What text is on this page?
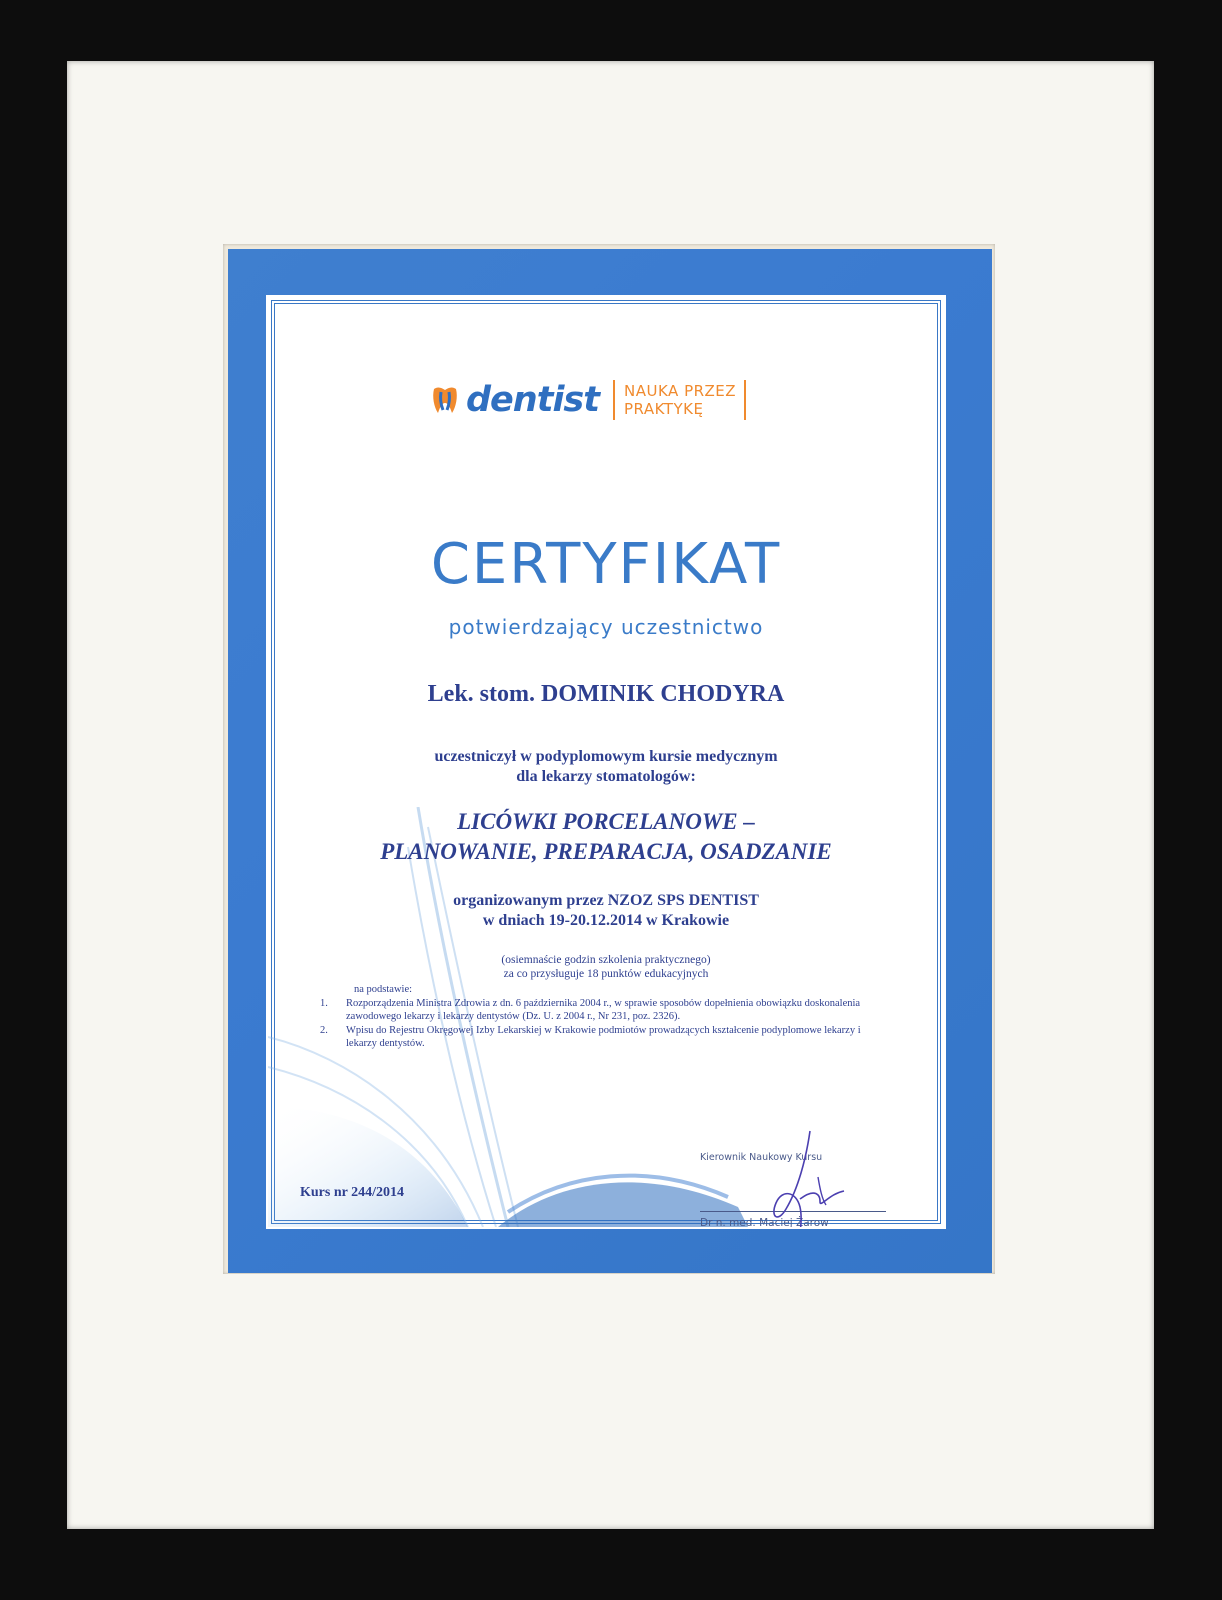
dentist NAUKA PRZEZ
PRAKTYKĘ
CERTYFIKAT
potwierdzający uczestnictwo
Lek. stom. DOMINIK CHODYRA
uczestniczył w podyplomowym kursie medycznym
dla lekarzy stomatologów:
LICÓWKI PORCELANOWE –
PLANOWANIE, PREPARACJA, OSADZANIE
organizowanym przez NZOZ SPS DENTIST
w dniach 19-20.12.2014 w Krakowie
(osiemnaście godzin szkolenia praktycznego)
za co przysługuje 18 punktów edukacyjnych
na podstawie:
1.	Rozporządzenia Ministra Zdrowia z dn. 6 października 2004 r., w sprawie sposobów dopełnienia obowiązku doskonalenia zawodowego lekarzy i lekarzy dentystów (Dz. U. z 2004 r., Nr 231, poz. 2326).
2.	Wpisu do Rejestru Okręgowej Izby Lekarskiej w Krakowie podmiotów prowadzących kształcenie podyplomowe lekarzy i lekarzy dentystów.
Kurs nr 244/2014
Kierownik Naukowy Kursu
Dr n. med. Maciej Żarow
